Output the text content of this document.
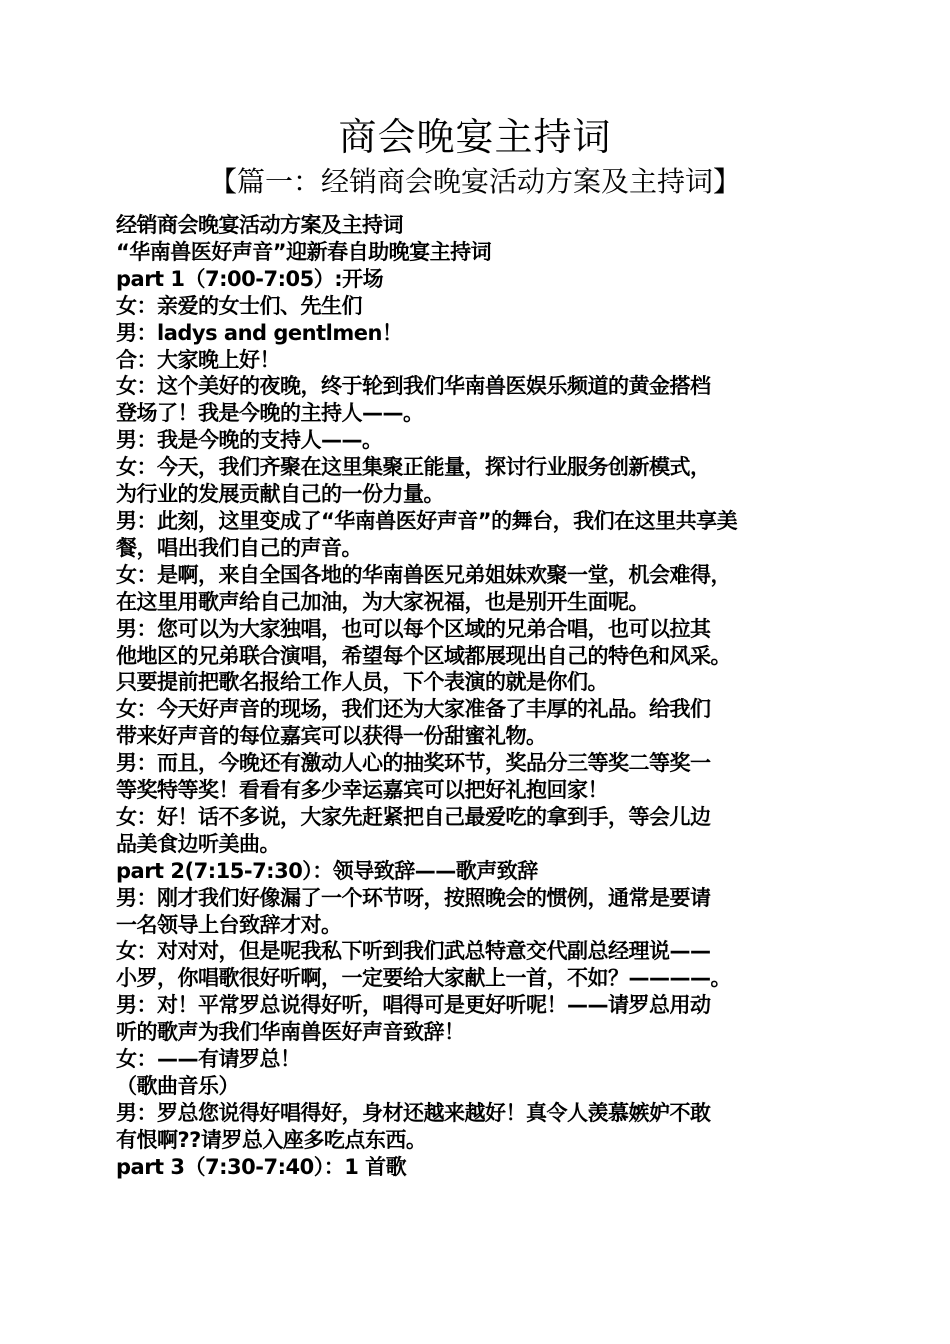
商会晚宴主持词
【篇一：经销商会晚宴活动方案及主持词】
经销商会晚宴活动方案及主持词
“华南兽医好声音”迎新春自助晚宴主持词
part 1（7:00-7:05）:开场
女：亲爱的女士们、先生们
男：ladys and gentlmen！
合：大家晚上好！
女：这个美好的夜晚，终于轮到我们华南兽医娱乐频道的黄金搭档
登场了！我是今晚的主持人——。
男：我是今晚的支持人——。
女：今天，我们齐聚在这里集聚正能量，探讨行业服务创新模式，
为行业的发展贡献自己的一份力量。
男：此刻，这里变成了“华南兽医好声音”的舞台，我们在这里共享美
餐，唱出我们自己的声音。
女：是啊，来自全国各地的华南兽医兄弟姐妹欢聚一堂，机会难得，
在这里用歌声给自己加油，为大家祝福，也是别开生面呢。
男：您可以为大家独唱，也可以每个区域的兄弟合唱，也可以拉其
他地区的兄弟联合演唱，希望每个区域都展现出自己的特色和风采。
只要提前把歌名报给工作人员，下个表演的就是你们。
女：今天好声音的现场，我们还为大家准备了丰厚的礼品。给我们
带来好声音的每位嘉宾可以获得一份甜蜜礼物。
男：而且，今晚还有激动人心的抽奖环节，奖品分三等奖二等奖一
等奖特等奖！看看有多少幸运嘉宾可以把好礼抱回家！
女：好！话不多说，大家先赶紧把自己最爱吃的拿到手，等会儿边
品美食边听美曲。
part 2(7:15-7:30）：领导致辞——歌声致辞
男：刚才我们好像漏了一个环节呀，按照晚会的惯例，通常是要请
一名领导上台致辞才对。
女：对对对，但是呢我私下听到我们武总特意交代副总经理说——
小罗，你唱歌很好听啊，一定要给大家献上一首，不如？————。
男：对！平常罗总说得好听，唱得可是更好听呢！——请罗总用动
听的歌声为我们华南兽医好声音致辞！
女：——有请罗总！
（歌曲音乐）
男：罗总您说得好唱得好，身材还越来越好！真令人羡慕嫉妒不敢
有恨啊??请罗总入座多吃点东西。
part 3（7:30-7:40）：1 首歌
